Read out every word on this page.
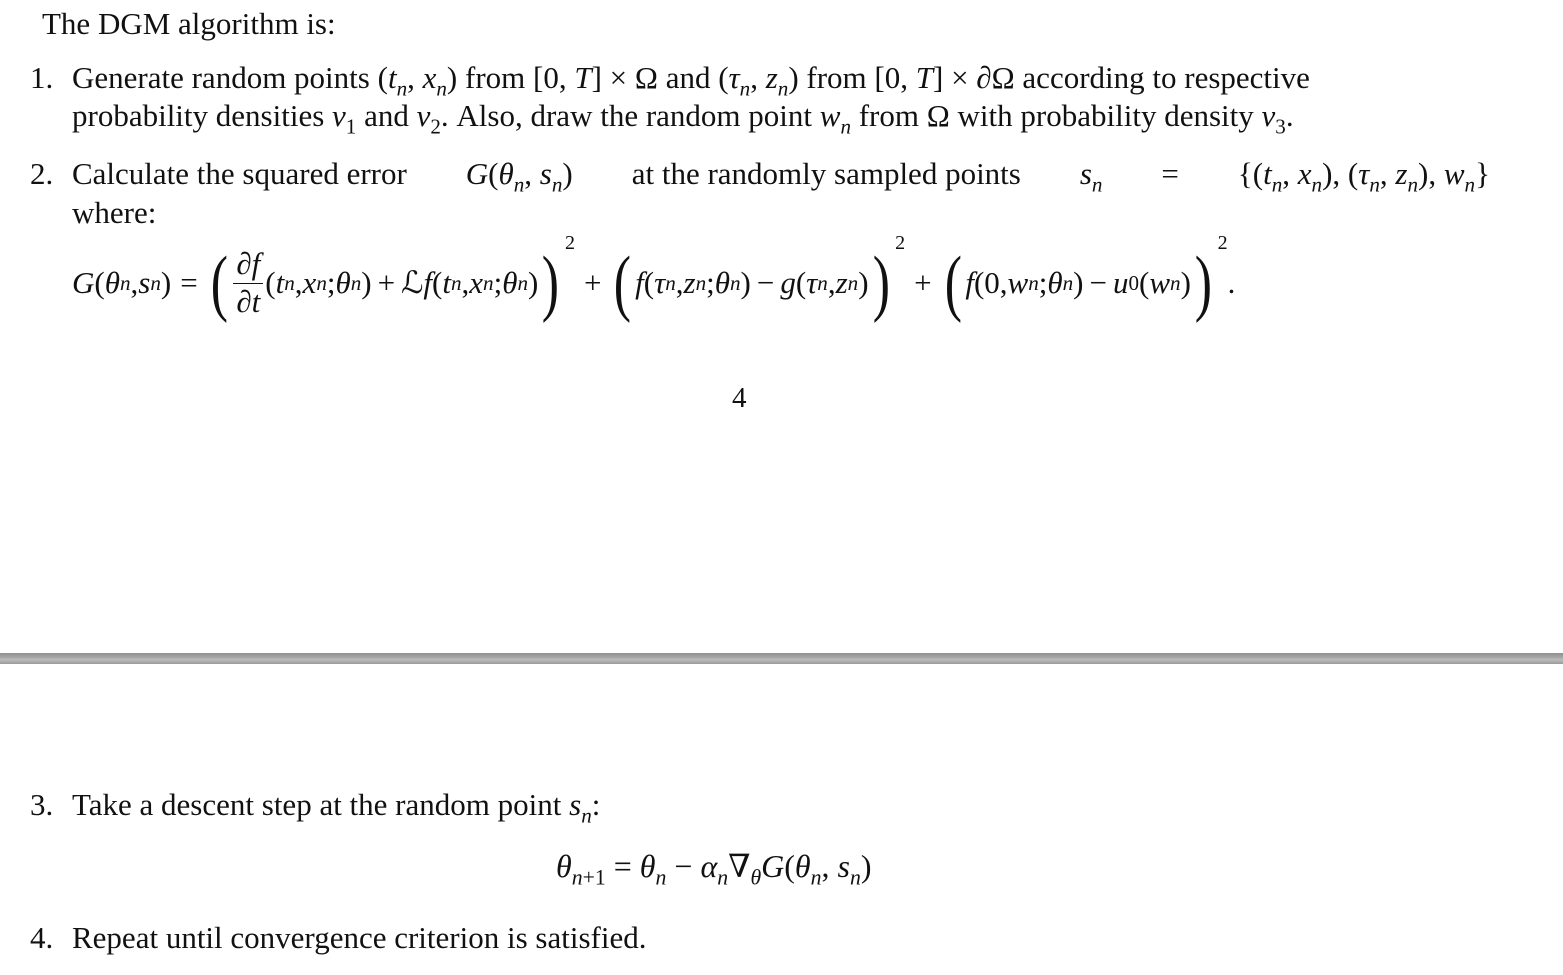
The DGM algorithm is:
1. Generate random points ($t_n$, $x_n$) from [0, T] × Ω and ($\tau_n$, $z_n$) from [0, T] × ∂Ω according to respective
probability densities $\nu_1$ and $\nu_2$. Also, draw the random point $w_n$ from Ω with probability density $\nu_3$.
2. Calculate the squared error $G(\theta_n$, $s_n$) at the randomly sampled points $s_n = \{(t_n$, $x_n$), ($\tau_n$, $z_n$), $w_n$}
where:
G ( θ n , s n ) = ( $\frac{\partial f}{\partial t}$ ( t n , x n ; θ n ) + ℒ f ( t n , x n ; θ n ) ) 2
+ ( f ( τ n , z n ; θ n ) − g ( τ n , z n ) ) 2
+ ( f (0, w n ; θ n ) − u 0 ( w n ) ) 2
.
4
3. Take a descent step at the random point $s_n$:
$\theta_{n+1} = \theta_n - \alpha_n\nabla_\theta G(\theta_n$, $s_n$)
4. Repeat until convergence criterion is satisfied.
